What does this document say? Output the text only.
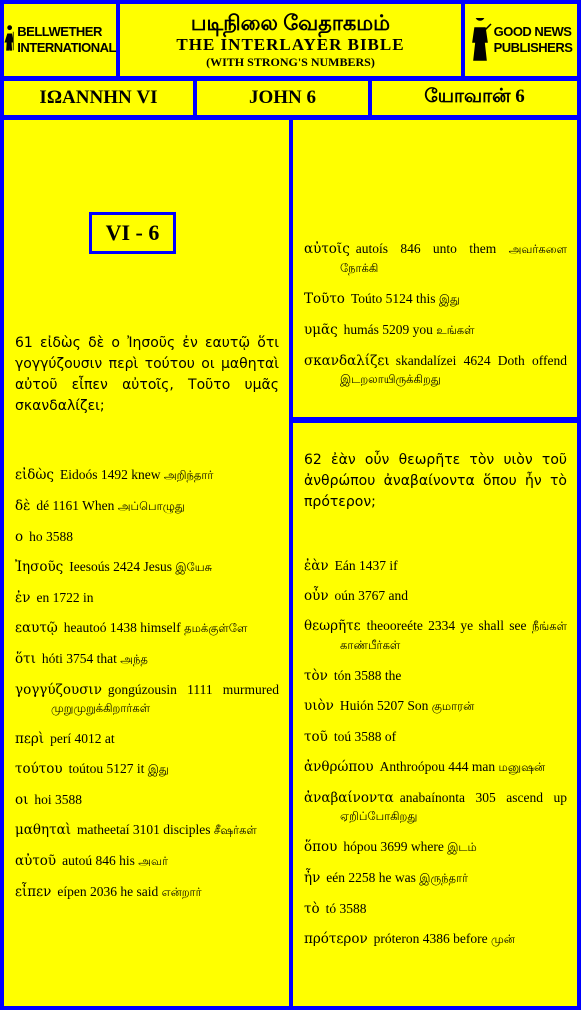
BELLWETHER
INTERNATIONAL
படிநிலை வேதாகமம்
THE INTERLAYER BIBLE
(WITH STRONG'S NUMBERS)
GOOD NEWS
PUBLISHERS
ΙΩΑΝΝΗΝ VI	JOHN 6	யோவான் 6
VI - 6
61 εἰδὼς δὲ ο Ἰησοῦς ἐν εαυτῷ ὅτι γογγύζουσιν περὶ τούτου οι μαθηταὶ αὐτοῦ εἶπεν αὐτοῖς, Τοῦτο υμᾶς σκανδαλίζει;
εἰδὼς Eidoós 1492 knew அறிந்தார்
δὲ dé 1161 When அப்பொழுது
ο ho 3588
Ἰησοῦς Ieesoús 2424 Jesus இயேசு
ἐν en 1722 in
εαυτῷ heautoó 1438 himself தமக்குள்ளே
ὅτι hóti 3754 that அந்த
γογγύζουσιν gongúzousin 1111 murmured முறுமுறுக்கிறார்கள்
περὶ perí 4012 at
τούτου toútou 5127 it இது
οι hoi 3588
μαθηταὶ matheetaí 3101 disciples சீஷர்கள்
αὐτοῦ autoú 846 his அவர்
εἶπεν eípen 2036 he said என்றார்
αὐτοῖς autoís 846 unto them அவர்களை நோக்கி
Τοῦτο Toúto 5124 this இது
υμᾶς humás 5209 you உங்கள்
σκανδαλίζει skandalízei 4624 Doth offend இடறலாயிருக்கிறது
62 ἐὰν οὖν θεωρῆτε τὸν υιὸν τοῦ ἀνθρώπου ἀναβαίνοντα ὅπου ἦν τὸ πρότερον;
ἐὰν Eán 1437 if
οὖν oún 3767 and
θεωρῆτε theooreéte 2334 ye shall see நீங்கள் காண்பீர்கள்
τὸν tón 3588 the
υιὸν Huión 5207 Son குமாரன்
τοῦ toú 3588 of
ἀνθρώπου Anthroópou 444 man மனுஷன்
ἀναβαίνοντα anabaínonta 305 ascend up ஏறிப்போகிறது
ὅπου hópou 3699 where இடம்
ἦν eén 2258 he was இருந்தார்
τὸ tó 3588
πρότερον próteron 4386 before முன்
